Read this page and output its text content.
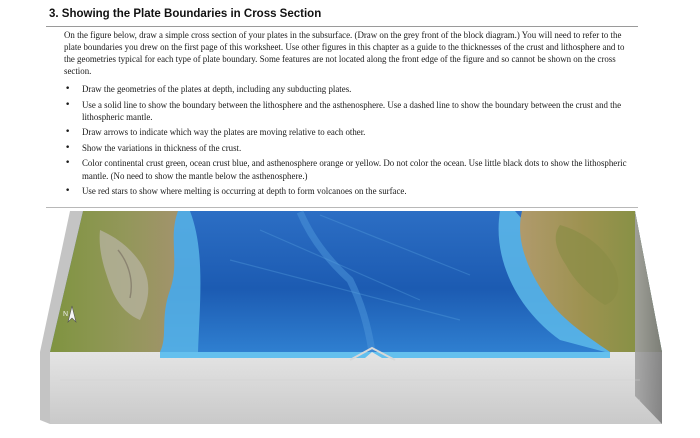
3. Showing the Plate Boundaries in Cross Section

On the figure below, draw a simple cross section of your plates in the subsurface. (Draw on the grey front of the block diagram.) You will need to refer to the plate boundaries you drew on the first page of this worksheet. Use other figures in this chapter as a guide to the thicknesses of the crust and lithosphere and to the geometries typical for each type of plate boundary. Some features are not located along the front edge of the figure and so cannot be shown on the cross section.

• Draw the geometries of the plates at depth, including any subducting plates.
• Use a solid line to show the boundary between the lithosphere and the asthenosphere. Use a dashed line to show the boundary between the crust and the lithospheric mantle.
• Draw arrows to indicate which way the plates are moving relative to each other.
• Show the variations in thickness of the crust.
• Color continental crust green, ocean crust blue, and asthenosphere orange or yellow. Do not color the ocean. Use little black dots to show the lithospheric mantle. (No need to show the mantle below the asthenosphere.)
• Use red stars to show where melting is occurring at depth to form volcanoes on the surface.
N
